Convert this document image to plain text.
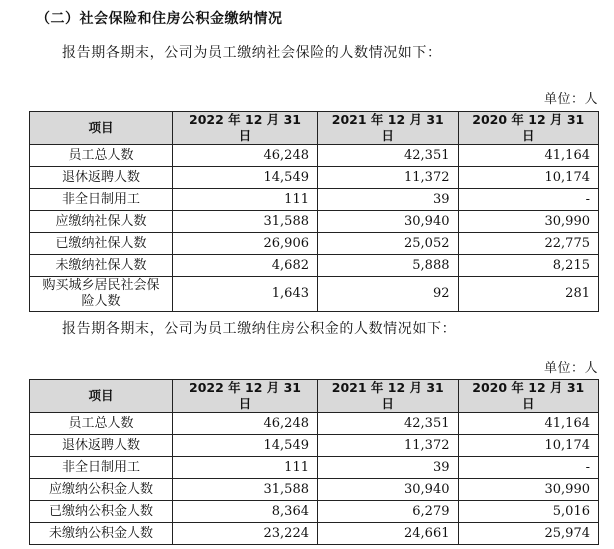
（二）社会保险和住房公积金缴纳情况
报告期各期末，公司为员工缴纳社会保险的人数情况如下：
单位：人
项目	2022 年 12 月 31 日	2021 年 12 月 31 日	2020 年 12 月 31 日
员工总人数	46,248	42,351	41,164
退休返聘人数	14,549	11,372	10,174
非全日制用工	111	39	-
应缴纳社保人数	31,588	30,940	30,990
已缴纳社保人数	26,906	25,052	22,775
未缴纳社保人数	4,682	5,888	8,215
购买城乡居民社会保险人数	1,643	92	281
报告期各期末，公司为员工缴纳住房公积金的人数情况如下：
单位：人
项目	2022 年 12 月 31 日	2021 年 12 月 31 日	2020 年 12 月 31 日
员工总人数	46,248	42,351	41,164
退休返聘人数	14,549	11,372	10,174
非全日制用工	111	39	-
应缴纳公积金人数	31,588	30,940	30,990
已缴纳公积金人数	8,364	6,279	5,016
未缴纳公积金人数	23,224	24,661	25,974
